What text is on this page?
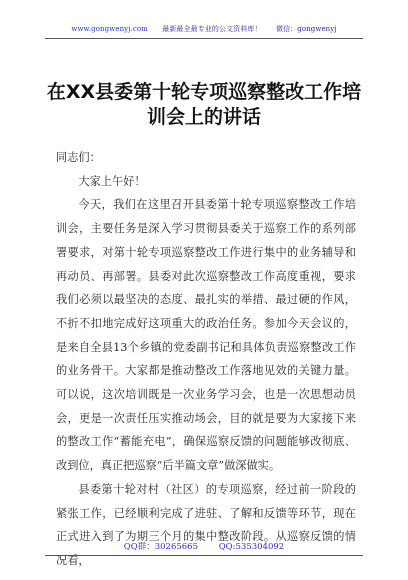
www.gongwenyj.com 最新最全最专业的公文资料库！ 微信：gongwenyj
在XX县委第十轮专项巡察整改工作培训会上的讲话

同志们：

大家上午好！

今天，我们在这里召开县委第十轮专项巡察整改工作培训会，主要任务是深入学习贯彻县委关于巡察工作的系列部署要求，对第十轮专项巡察整改工作进行集中的业务辅导和再动员、再部署。县委对此次巡察整改工作高度重视，要求我们必须以最坚决的态度、最扎实的举措、最过硬的作风，不折不扣地完成好这项重大的政治任务。参加今天会议的，是来自全县13个乡镇的党委副书记和具体负责巡察整改工作的业务骨干。大家都是推动整改工作落地见效的关键力量。可以说，这次培训既是一次业务学习会，也是一次思想动员会，更是一次责任压实推动场会，目的就是要为大家接下来的整改工作“蓄能充电”，确保巡察反馈的问题能够改彻底、改到位，真正把巡察“后半篇文章”做深做实。

县委第十轮对村（社区）的专项巡察，经过前一阶段的紧张工作，已经顺利完成了进驻、了解和反馈等环节，现在正式进入到了为期三个月的集中整改阶段。从巡察反馈的情况看，

QQ群：30265665 QQ:535304092
